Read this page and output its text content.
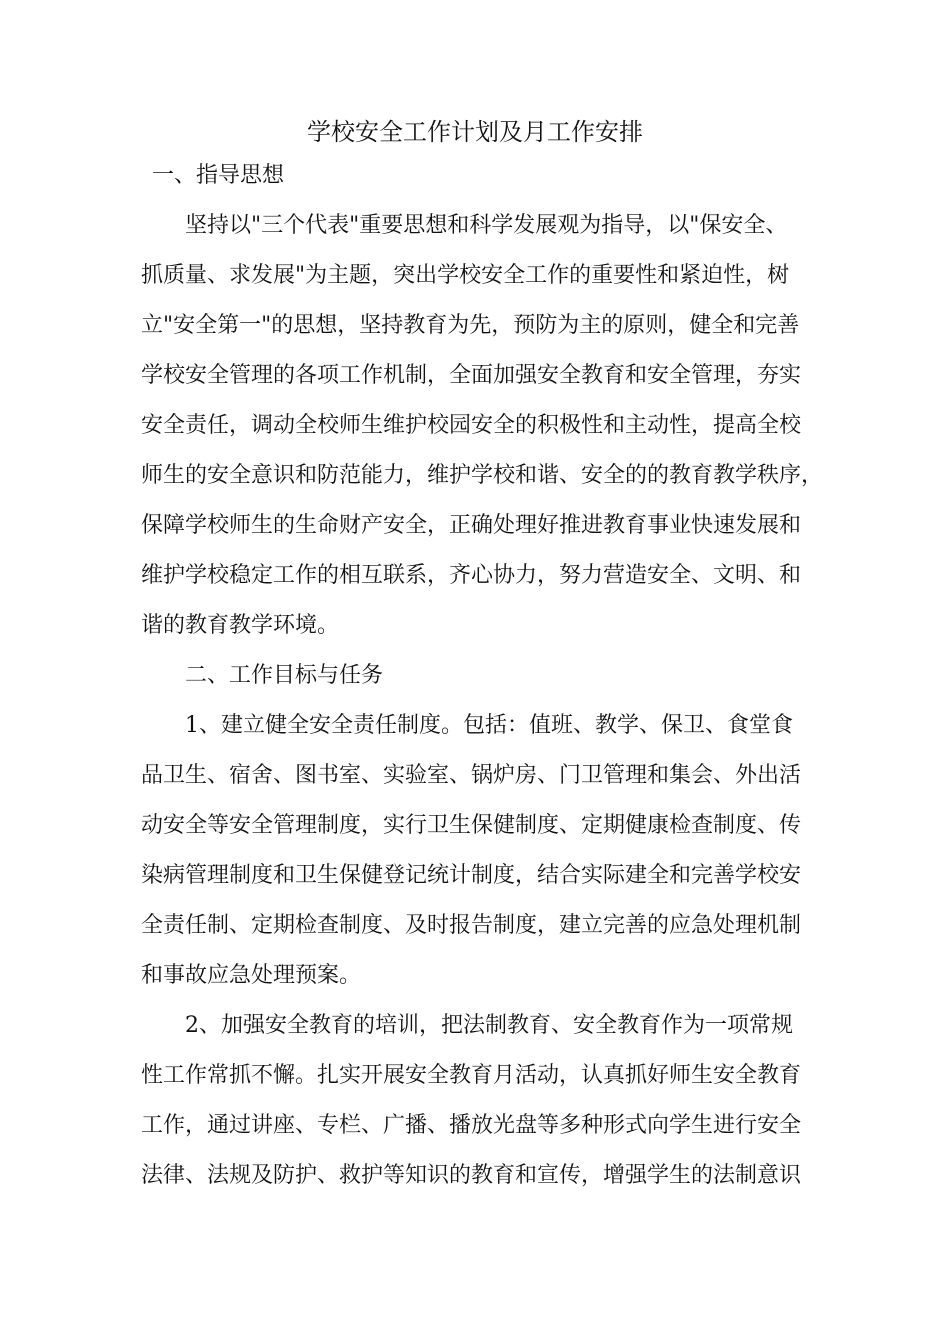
学校安全工作计划及月工作安排
一、指导思想
坚持以"三个代表"重要思想和科学发展观为指导，以"保安全、
抓质量、求发展"为主题，突出学校安全工作的重要性和紧迫性，树
立"安全第一"的思想，坚持教育为先，预防为主的原则，健全和完善
学校安全管理的各项工作机制，全面加强安全教育和安全管理，夯实
安全责任，调动全校师生维护校园安全的积极性和主动性，提高全校
师生的安全意识和防范能力，维护学校和谐、安全的的教育教学秩序，
保障学校师生的生命财产安全，正确处理好推进教育事业快速发展和
维护学校稳定工作的相互联系，齐心协力，努力营造安全、文明、和
谐的教育教学环境。
二、工作目标与任务
1、建立健全安全责任制度。包括：值班、教学、保卫、食堂食
品卫生、宿舍、图书室、实验室、锅炉房、门卫管理和集会、外出活
动安全等安全管理制度，实行卫生保健制度、定期健康检查制度、传
染病管理制度和卫生保健登记统计制度，结合实际建全和完善学校安
全责任制、定期检查制度、及时报告制度，建立完善的应急处理机制
和事故应急处理预案。
2、加强安全教育的培训，把法制教育、安全教育作为一项常规
性工作常抓不懈。扎实开展安全教育月活动，认真抓好师生安全教育
工作，通过讲座、专栏、广播、播放光盘等多种形式向学生进行安全
法律、法规及防护、救护等知识的教育和宣传，增强学生的法制意识
